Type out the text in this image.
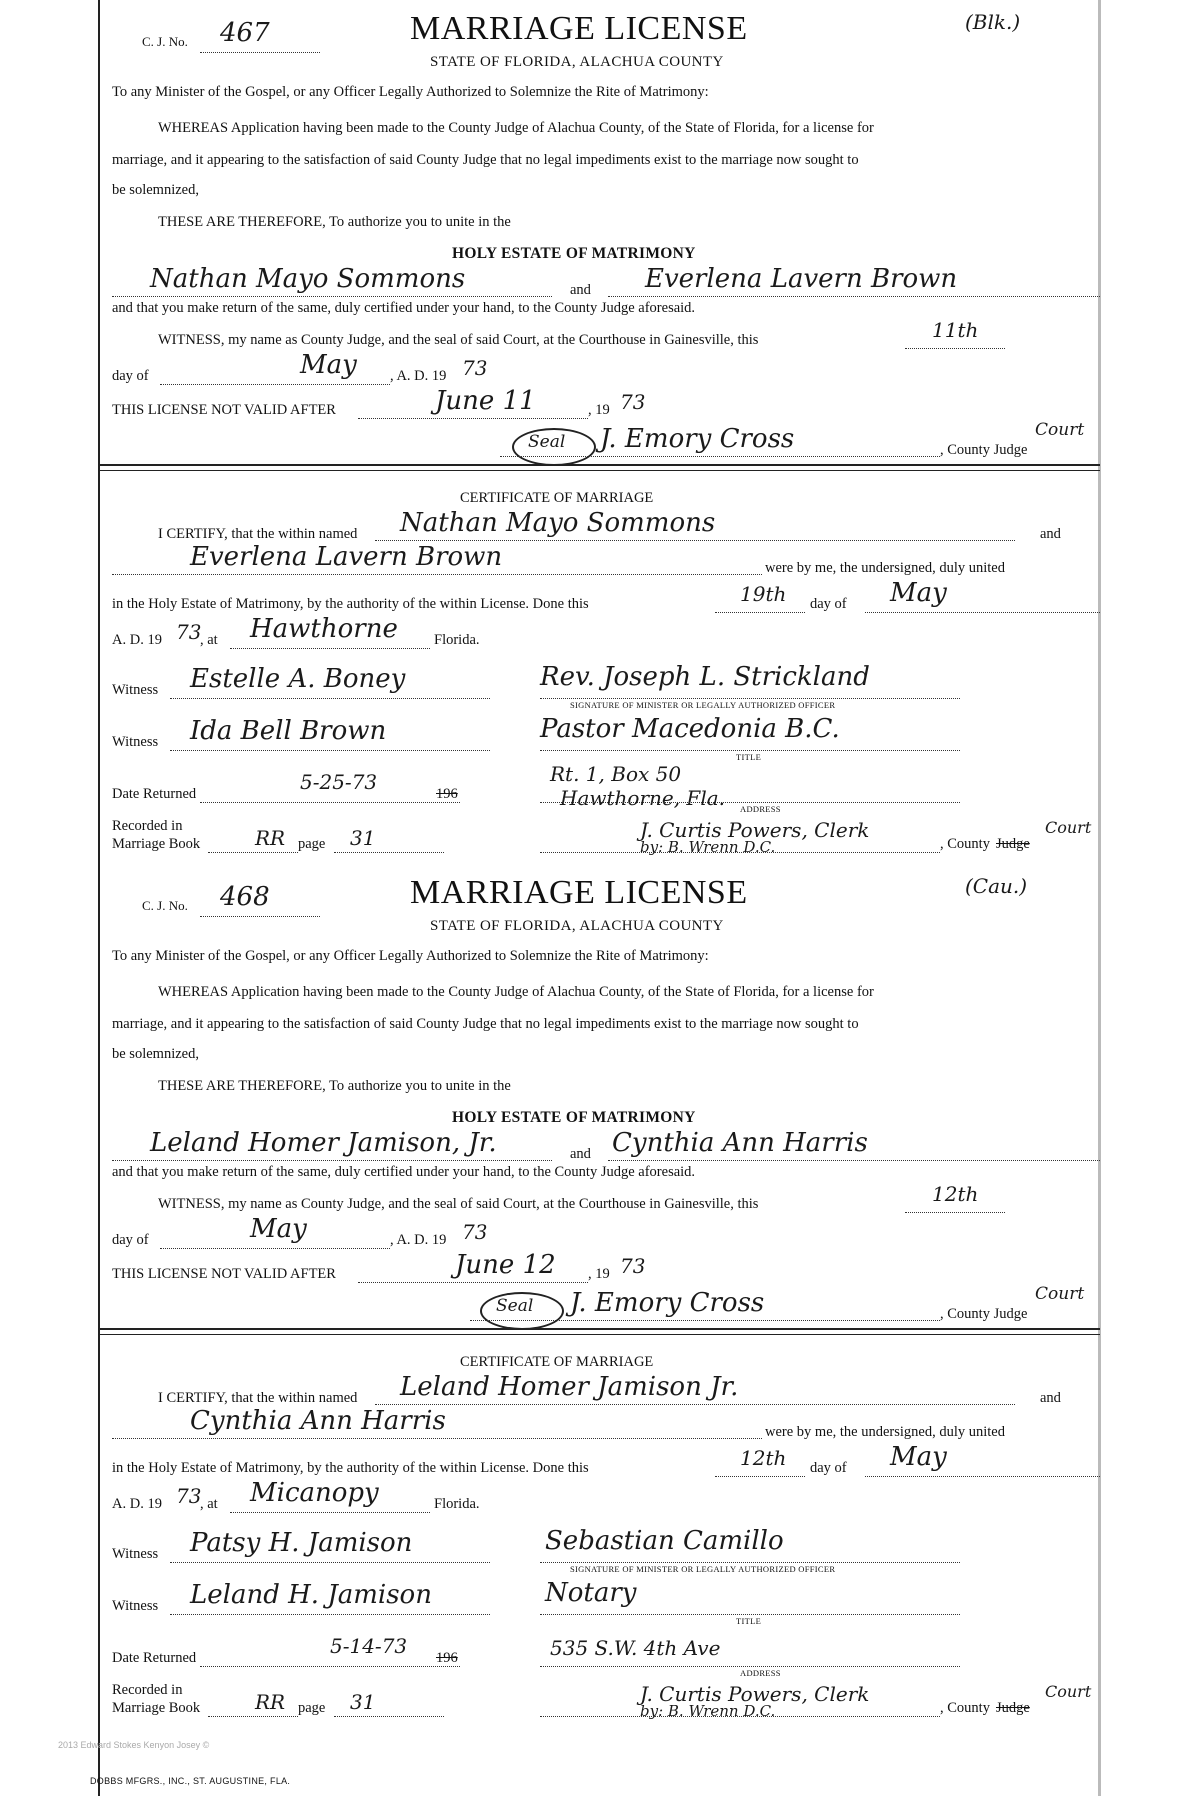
C. J. No. 467	MARRIAGE LICENSE	(Blk.)
STATE OF FLORIDA, ALACHUA COUNTY
To any Minister of the Gospel, or any Officer Legally Authorized to Solemnize the Rite of Matrimony:
WHEREAS Application having been made to the County Judge of Alachua County, of the State of Florida, for a license for
marriage, and it appearing to the satisfaction of said County Judge that no legal impediments exist to the marriage now sought to
be solemnized,
THESE ARE THEREFORE, To authorize you to unite in the
HOLY ESTATE OF MATRIMONY
Nathan Mayo Sommons	and Everlena Lavern Brown
and that you make return of the same, duly certified under your hand, to the County Judge aforesaid.
WITNESS, my name as County Judge, and the seal of said Court, at the Courthouse in Gainesville, this	11th
day of	May , A. D. 19 73
THIS LICENSE NOT VALID AFTER	June 11	, 19 73
Seal J. Emory Cross	, County Judge
Court
CERTIFICATE OF MARRIAGE
I CERTIFY, that the within named Nathan Mayo Sommons	and
Everlena Lavern Brown	were by me, the undersigned, duly united
in the Holy Estate of Matrimony, by the authority of the within License. Done this	19th day of May
A. D. 19 73
, at Hawthorne Florida.
Witness Estelle A. Boney	Rev. Joseph L. Strickland
SIGNATURE OF MINISTER OR LEGALLY AUTHORIZED OFFICER
Witness Ida Bell Brown	Pastor Macedonia B.C.
TITLE
Rt. 1, Box 50
Date Returned	5-25-73	196	Hawthorne, Fla. ADDRESS
Recorded in
Marriage Book	RR page 31	J. Curtis Powers, Clerk
by: B. Wrenn D.C.	, County Judge
Court
C. J. No. 468	MARRIAGE LICENSE	(Cau.)
STATE OF FLORIDA, ALACHUA COUNTY
To any Minister of the Gospel, or any Officer Legally Authorized to Solemnize the Rite of Matrimony:
WHEREAS Application having been made to the County Judge of Alachua County, of the State of Florida, for a license for
marriage, and it appearing to the satisfaction of said County Judge that no legal impediments exist to the marriage now sought to
be solemnized,
THESE ARE THEREFORE, To authorize you to unite in the
HOLY ESTATE OF MATRIMONY
Leland Homer Jamison, Jr.	and Cynthia Ann Harris
and that you make return of the same, duly certified under your hand, to the County Judge aforesaid.
WITNESS, my name as County Judge, and the seal of said Court, at the Courthouse in Gainesville, this	12th
day of	May	, A. D. 19 73
THIS LICENSE NOT VALID AFTER	June 12 , 19 73
Seal J. Emory Cross	, County Judge
Court
CERTIFICATE OF MARRIAGE
I CERTIFY, that the within named Leland Homer Jamison Jr.	and
Cynthia Ann Harris	were by me, the undersigned, duly united
in the Holy Estate of Matrimony, by the authority of the within License. Done this	12th day of May
A. D. 19 73
, at Micanopy	Florida.
Witness Patsy H. Jamison	Sebastian Camillo
SIGNATURE OF MINISTER OR LEGALLY AUTHORIZED OFFICER
Witness Leland H. Jamison	Notary
TITLE
Date Returned	5-14-73 196	535 S.W. 4th Ave
ADDRESS
Recorded in
Marriage Book	RR page 31	J. Curtis Powers, Clerk
by: B. Wrenn D.C.	, County Judge
Court
DOBBS MFGRS., INC., ST. AUGUSTINE, FLA.
2013 Edward Stokes Kenyon Josey ©
